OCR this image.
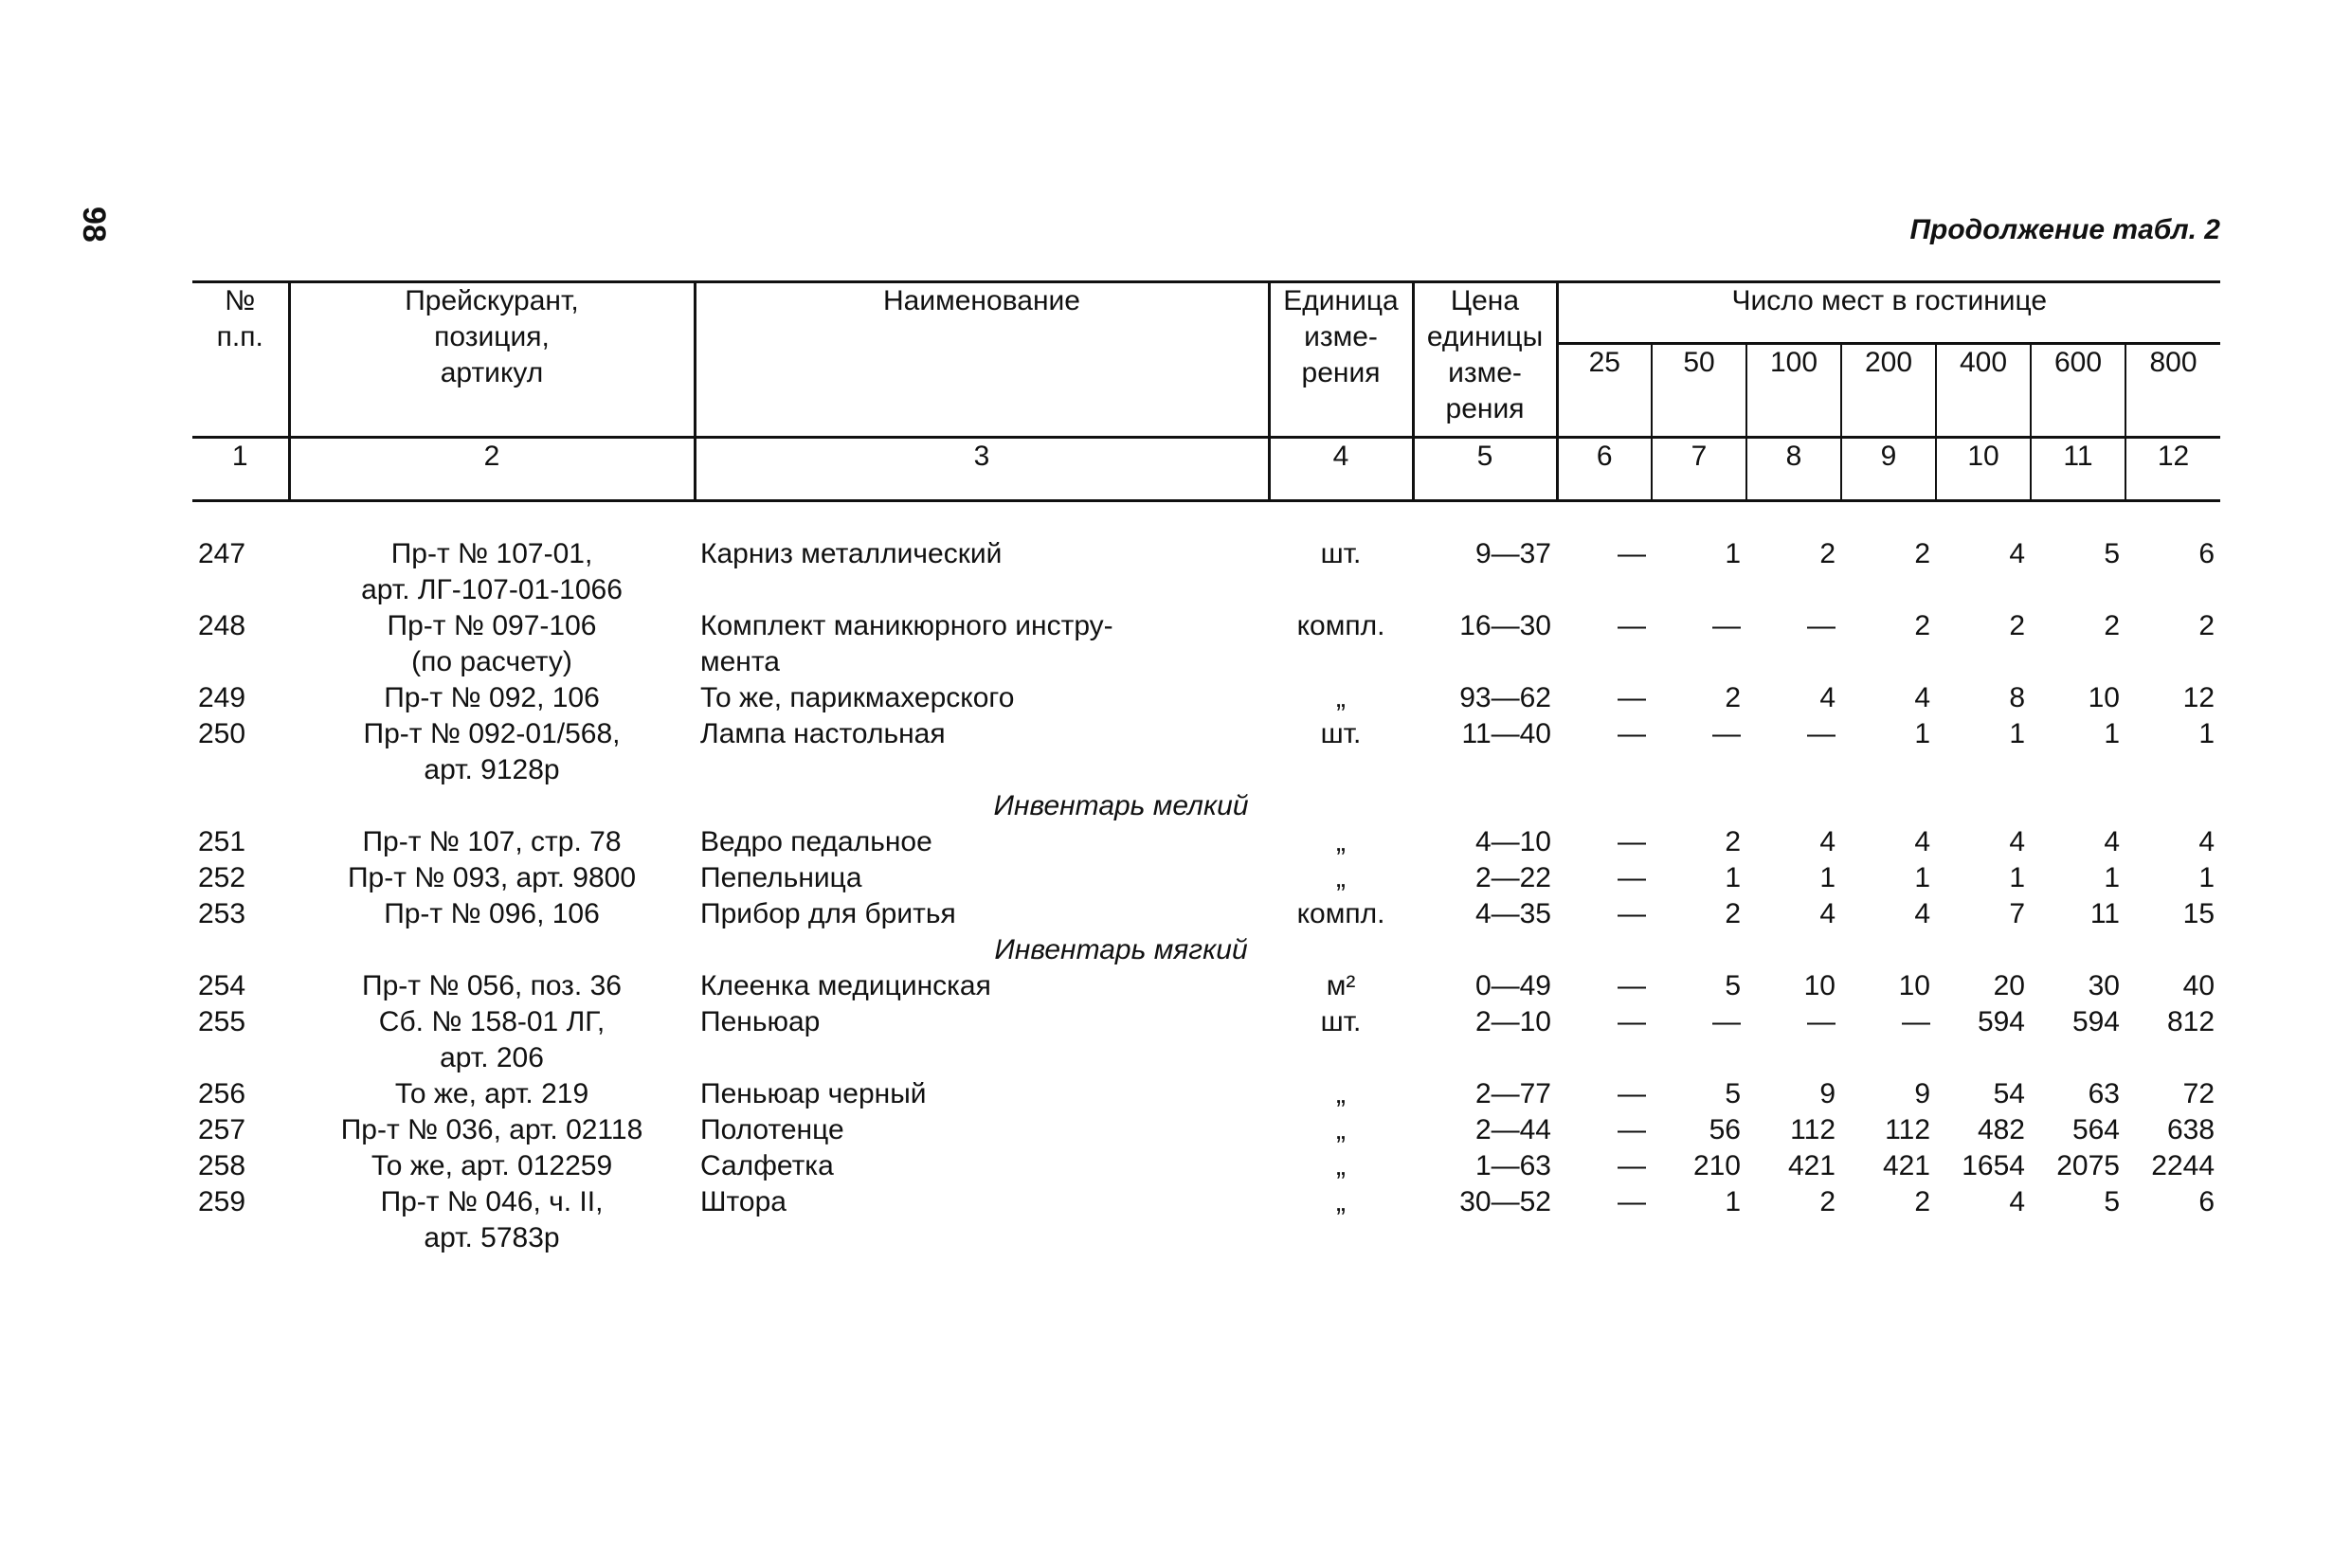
98	Продолжение табл. 2
№
п.п.	Прейскурант,
позиция,
артикул	Наименование	Единица
изме-
рения	Цена
единицы
изме-
рения	Число мест в гостинице						
					25	50	100	200	400	600	800
1	2	3	4	5	6	7	8	9	10	11	12

247	Пр-т № 107-01,
арт. ЛГ-107-01-1066	Карниз металлический	шт.	9—37	—	1	2	2	4	5	6
248	Пр-т № 097-106
(по расчету)	Комплект маникюрного инстру-
мента	компл.	16—30	—	—	—	2	2	2	2
249	Пр-т № 092, 106	То же, парикмахерского	„	93—62	—	2	4	4	8	10	12
250	Пр-т № 092-01/568,
арт. 9128р	Лампа настольная	шт.	11—40	—	—	—	1	1	1	1
Инвентарь мелкий											
251	Пр-т № 107, стр. 78	Ведро педальное	„	4—10	—	2	4	4	4	4	4
252	Пр-т № 093, арт. 9800	Пепельница	„	2—22	—	1	1	1	1	1	1
253	Пр-т № 096, 106	Прибор для бритья	компл.	4—35	—	2	4	4	7	11	15
Инвентарь мягкий											
254	Пр-т № 056, поз. 36	Клеенка медицинская	м²	0—49	—	5	10	10	20	30	40
255	Сб. № 158-01 ЛГ,
арт. 206	Пеньюар	шт.	2—10	—	—	—	—	594	594	812
256	То же, арт. 219	Пеньюар черный	„	2—77	—	5	9	9	54	63	72
257	Пр-т № 036, арт. 02118	Полотенце	„	2—44	—	56	112	112	482	564	638
258	То же, арт. 012259	Салфетка	„	1—63	—	210	421	421	1654	2075	2244
259	Пр-т № 046, ч. II,
арт. 5783р	Штора	„	30—52	—	1	2	2	4	5	6
